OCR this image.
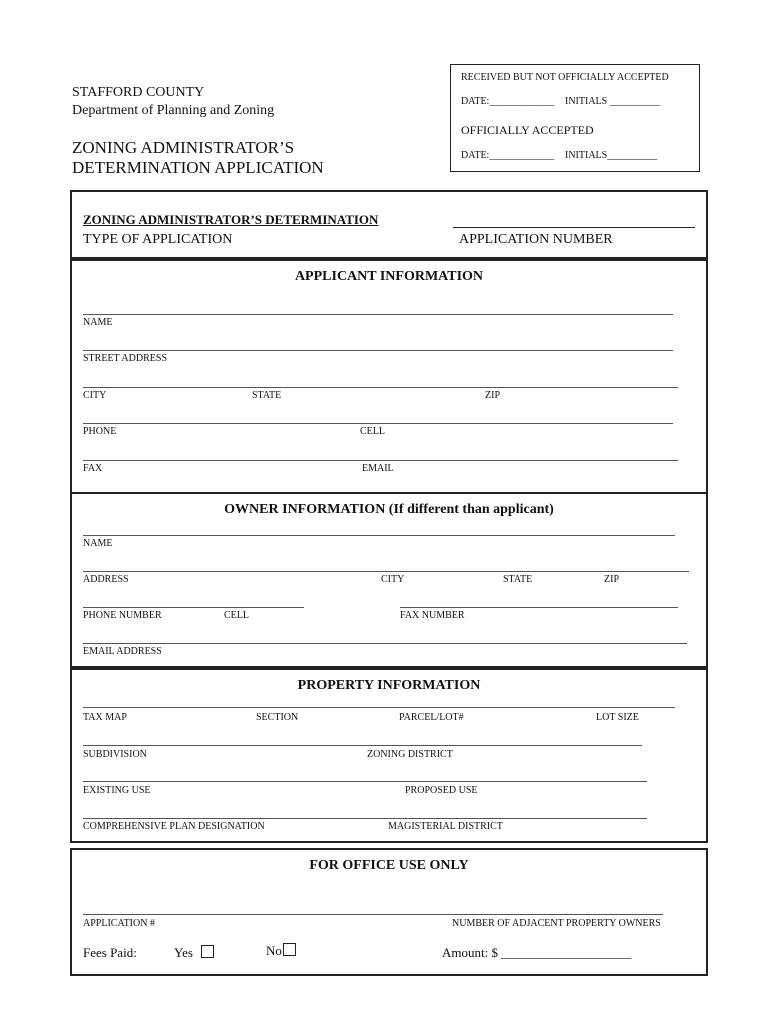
STAFFORD COUNTY
Department of Planning and Zoning
ZONING ADMINISTRATOR’S
DETERMINATION APPLICATION
RECEIVED BUT NOT OFFICIALLY ACCEPTED
DATE:_____________ INITIALS __________
OFFICIALLY ACCEPTED
DATE:_____________ INITIALS__________
ZONING ADMINISTRATOR’S DETERMINATION
TYPE OF APPLICATION	APPLICATION NUMBER
APPLICANT INFORMATION
NAME
STREET ADDRESS
CITY	STATE	ZIP
PHONE	CELL
FAX	EMAIL
OWNER INFORMATION (If different than applicant)
NAME
ADDRESS	CITY	STATE	ZIP
PHONE NUMBER	CELL	FAX NUMBER
EMAIL ADDRESS
PROPERTY INFORMATION
TAX MAP	SECTION	PARCEL/LOT#	LOT SIZE
SUBDIVISION	ZONING DISTRICT
EXISTING USE	PROPOSED USE
COMPREHENSIVE PLAN DESIGNATION	MAGISTERIAL DISTRICT
FOR OFFICE USE ONLY
APPLICATION #	NUMBER OF ADJACENT PROPERTY OWNERS
Fees Paid:	Yes	No	Amount: $ ____________________
